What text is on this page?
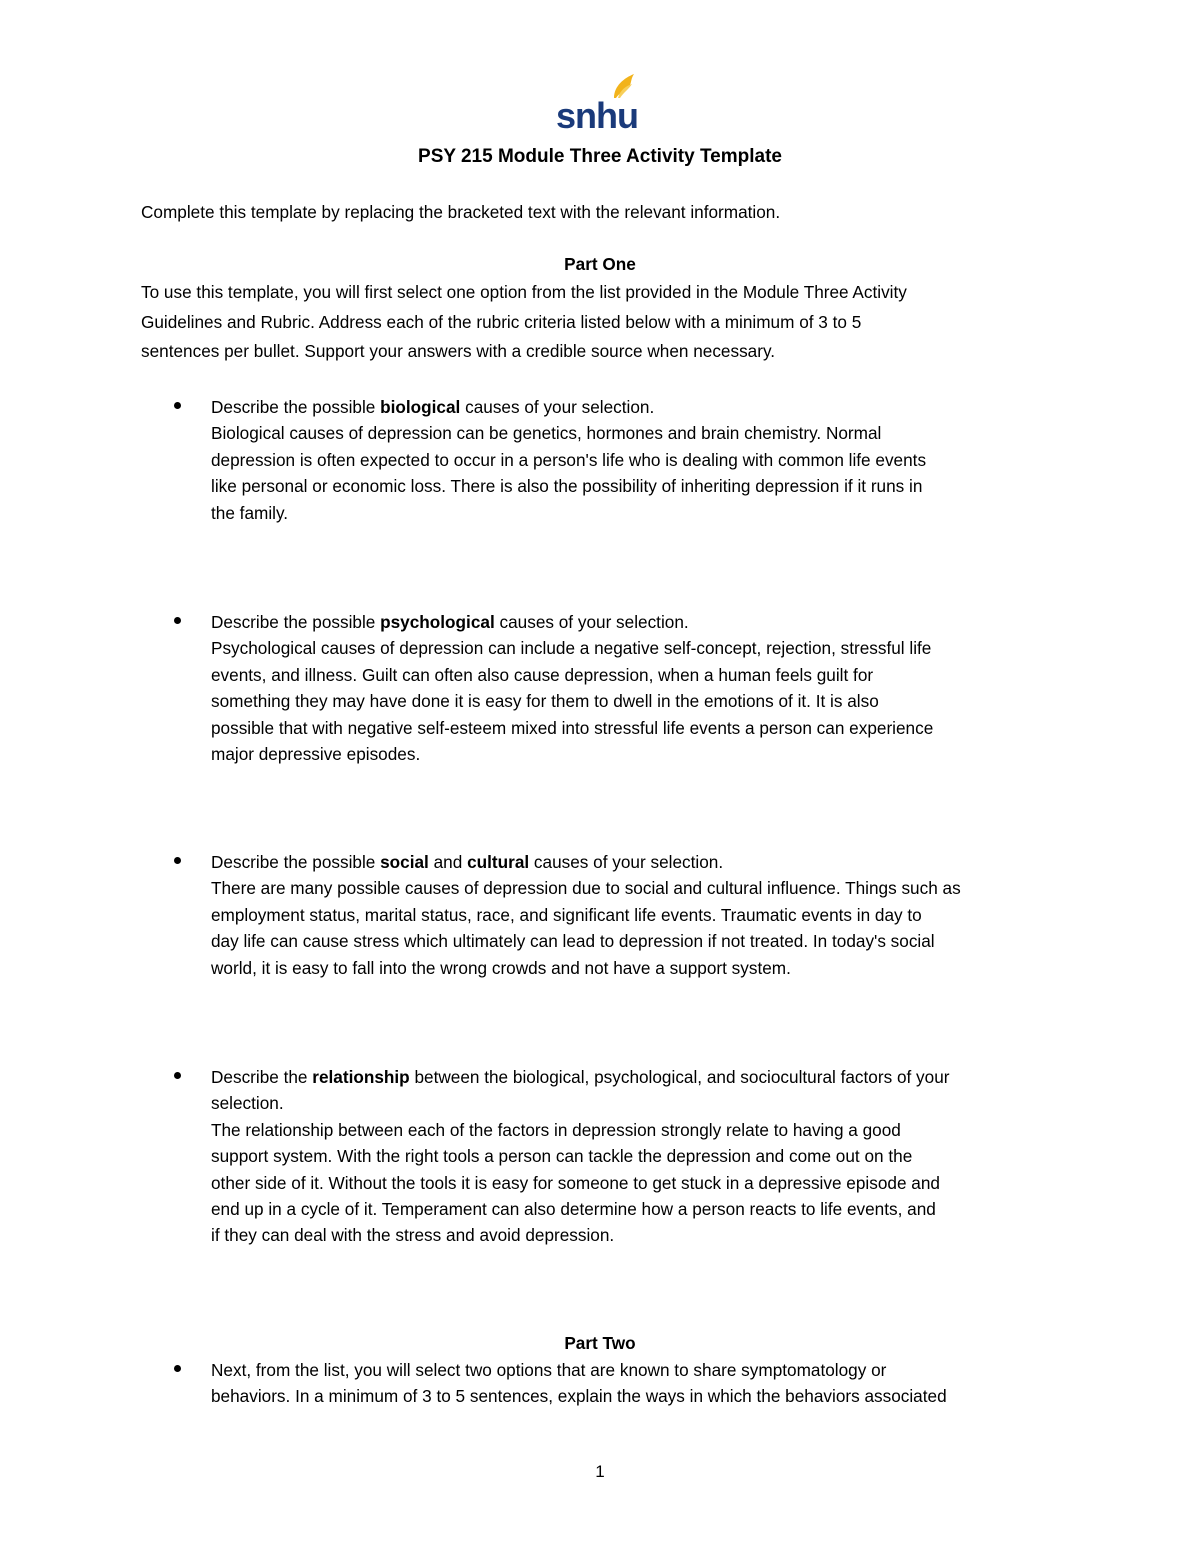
snhu
PSY 215 Module Three Activity Template
Complete this template by replacing the bracketed text with the relevant information.
Part One
To use this template, you will first select one option from the list provided in the Module Three Activity
Guidelines and Rubric. Address each of the rubric criteria listed below with a minimum of 3 to 5
sentences per bullet. Support your answers with a credible source when necessary.
Describe the possible biological causes of your selection.
Biological causes of depression can be genetics, hormones and brain chemistry. Normal
depression is often expected to occur in a person's life who is dealing with common life events
like personal or economic loss. There is also the possibility of inheriting depression if it runs in
the family.
Describe the possible psychological causes of your selection.
Psychological causes of depression can include a negative self-concept, rejection, stressful life
events, and illness. Guilt can often also cause depression, when a human feels guilt for
something they may have done it is easy for them to dwell in the emotions of it. It is also
possible that with negative self-esteem mixed into stressful life events a person can experience
major depressive episodes.
Describe the possible social and cultural causes of your selection.
There are many possible causes of depression due to social and cultural influence. Things such as
employment status, marital status, race, and significant life events. Traumatic events in day to
day life can cause stress which ultimately can lead to depression if not treated. In today's social
world, it is easy to fall into the wrong crowds and not have a support system.
Describe the relationship between the biological, psychological, and sociocultural factors of your
selection.
The relationship between each of the factors in depression strongly relate to having a good
support system. With the right tools a person can tackle the depression and come out on the
other side of it. Without the tools it is easy for someone to get stuck in a depressive episode and
end up in a cycle of it. Temperament can also determine how a person reacts to life events, and
if they can deal with the stress and avoid depression.
Part Two
Next, from the list, you will select two options that are known to share symptomatology or
behaviors. In a minimum of 3 to 5 sentences, explain the ways in which the behaviors associated
1
